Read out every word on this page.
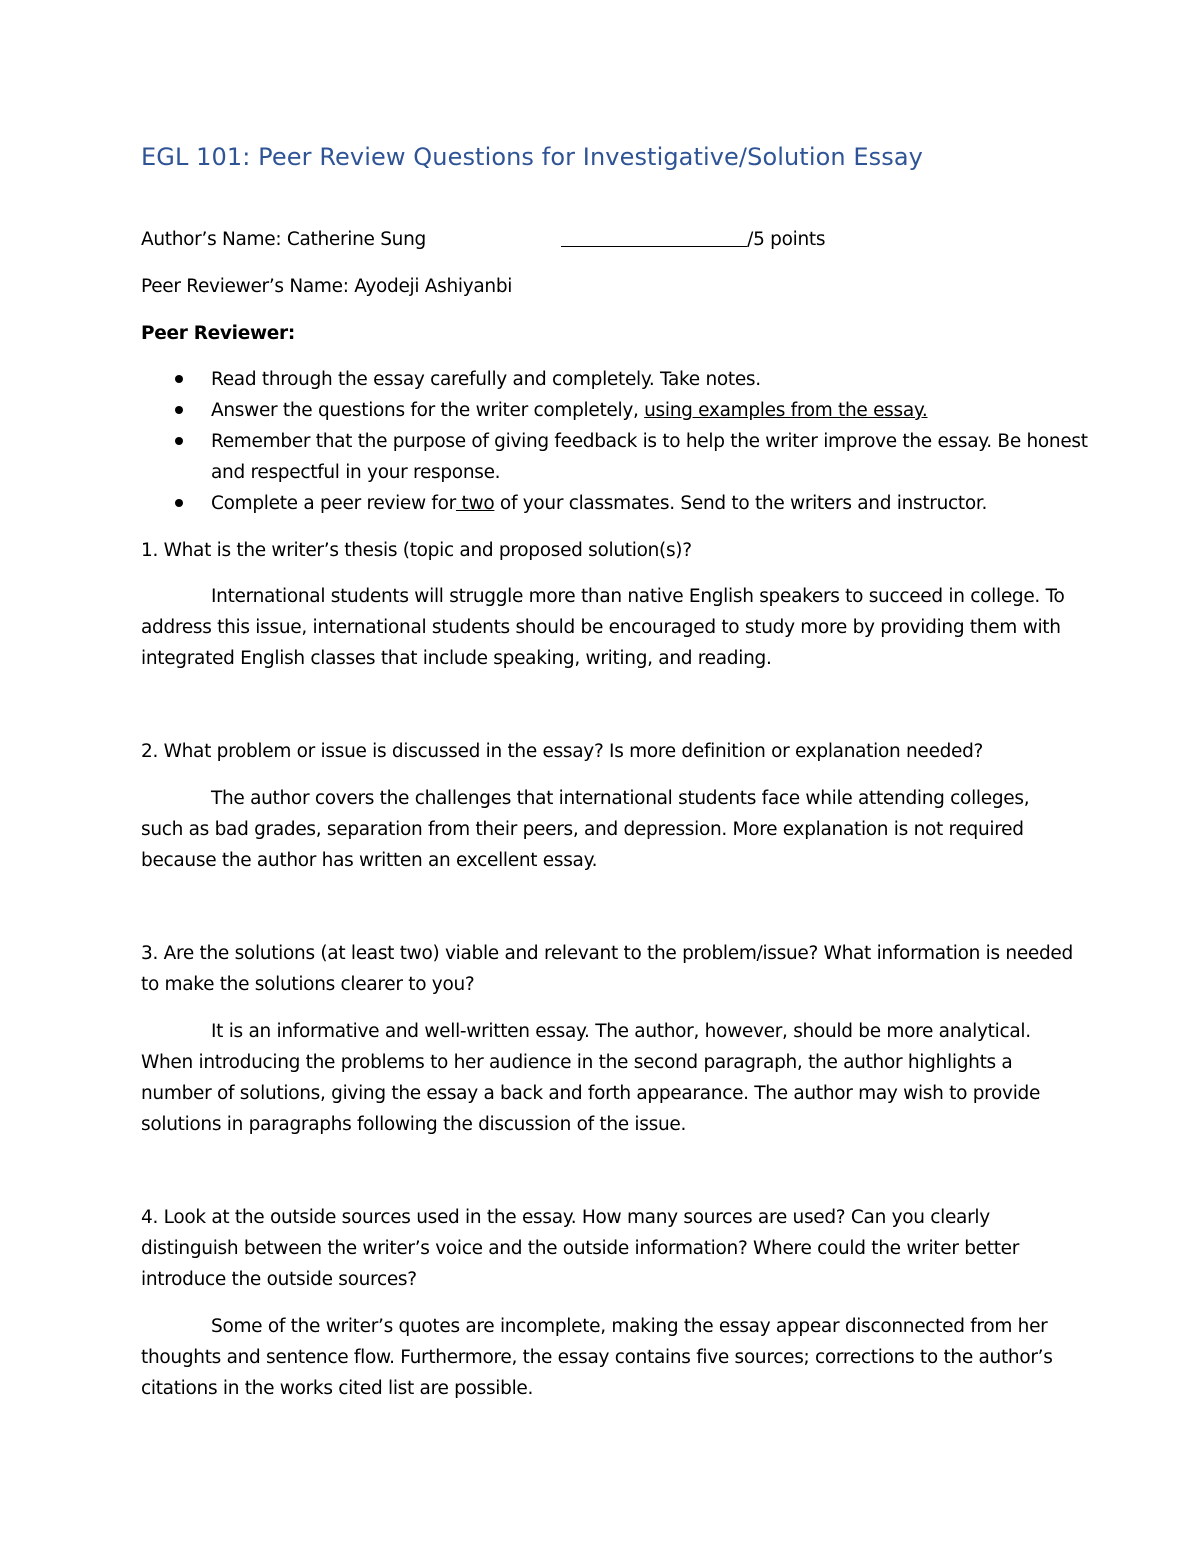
EGL 101: Peer Review Questions for Investigative/Solution Essay
Author’s Name: Catherine Sung	/5 points
Peer Reviewer’s Name: Ayodeji Ashiyanbi
Peer Reviewer:
Read through the essay carefully and completely. Take notes.
Answer the questions for the writer completely, using examples from the essay.
Remember that the purpose of giving feedback is to help the writer improve the essay. Be honest and respectful in your response.
Complete a peer review for two of your classmates. Send to the writers and instructor.
1. What is the writer’s thesis (topic and proposed solution(s)?
International students will struggle more than native English speakers to succeed in college. To address this issue, international students should be encouraged to study more by providing them with integrated English classes that include speaking, writing, and reading.
2. What problem or issue is discussed in the essay? Is more definition or explanation needed?
The author covers the challenges that international students face while attending colleges, such as bad grades, separation from their peers, and depression. More explanation is not required because the author has written an excellent essay.
3. Are the solutions (at least two) viable and relevant to the problem/issue? What information is needed to make the solutions clearer to you?
It is an informative and well-written essay. The author, however, should be more analytical. When introducing the problems to her audience in the second paragraph, the author highlights a number of solutions, giving the essay a back and forth appearance. The author may wish to provide solutions in paragraphs following the discussion of the issue.
4. Look at the outside sources used in the essay. How many sources are used? Can you clearly distinguish between the writer’s voice and the outside information? Where could the writer better introduce the outside sources?
Some of the writer’s quotes are incomplete, making the essay appear disconnected from her thoughts and sentence flow. Furthermore, the essay contains five sources; corrections to the author’s citations in the works cited list are possible.
